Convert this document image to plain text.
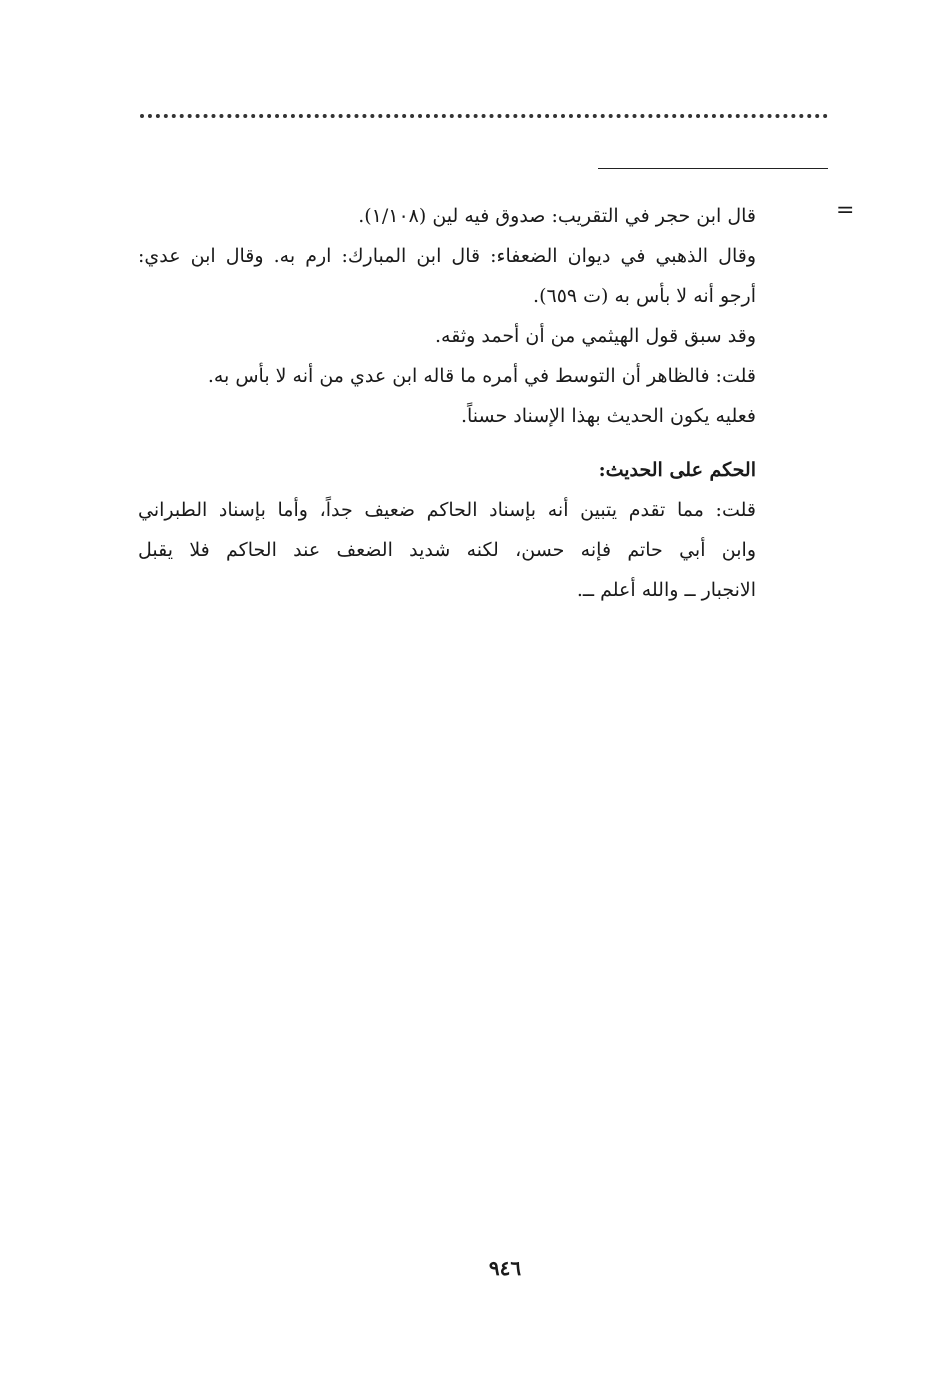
=
قال ابن حجر في التقريب: صدوق فيه لين (١/١٠٨).
وقال الذهبي في ديوان الضعفاء: قال ابن المبارك: ارم به. وقال ابن عدي:
أرجو أنه لا بأس به (ت ٦٥٩).
وقد سبق قول الهيثمي من أن أحمد وثقه.
قلت: فالظاهر أن التوسط في أمره ما قاله ابن عدي من أنه لا بأس به.
فعليه يكون الحديث بهذا الإسناد حسناً.
الحكم على الحديث:
قلت: مما تقدم يتبين أنه بإسناد الحاكم ضعيف جداً، وأما بإسناد الطبراني
وابن أبي حاتم فإنه حسن، لكنه شديد الضعف عند الحاكم فلا يقبل
الانجبار ــ والله أعلم ــ.
٩٤٦
